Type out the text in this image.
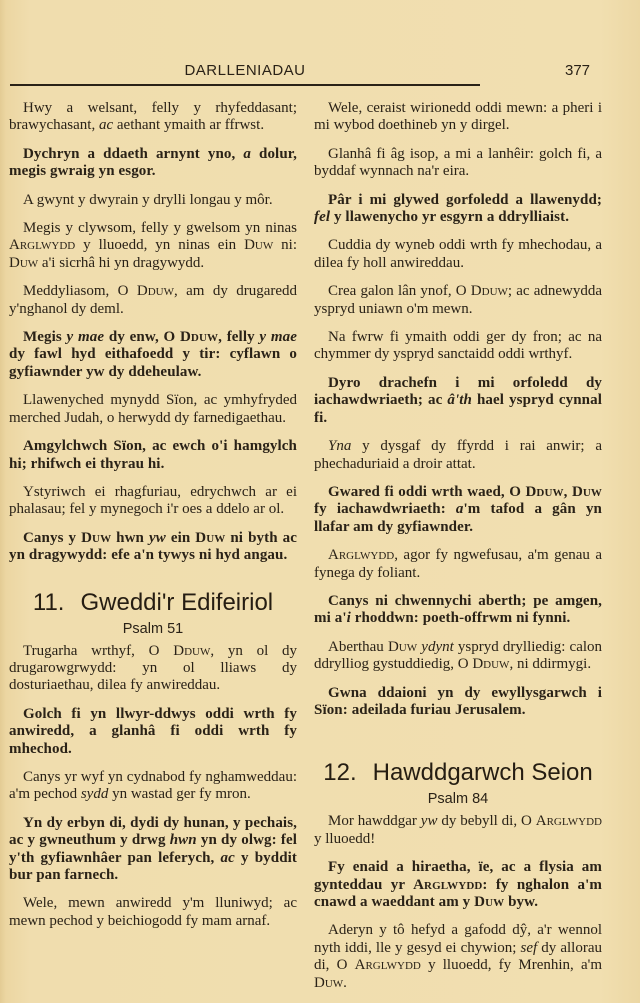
DARLLENIADAU	377

Hwy a welsant, felly y rhyfeddasant; brawychasant, ac aethant ymaith ar ffrwst.

Dychryn a ddaeth arnynt yno, a dolur, megis gwraig yn esgor.

A gwynt y dwyrain y drylli longau y môr.

Megis y clywsom, felly y gwelsom yn ninas Arglwydd y lluoedd, yn ninas ein Duw ni: Duw a'i sicrhâ hi yn dragywydd.

Meddyliasom, O Dduw, am dy drugaredd y'nghanol dy deml.

Megis y mae dy enw, O Dduw, felly y mae dy fawl hyd eithafoedd y tir: cyflawn o gyfiawnder yw dy ddeheulaw.

Llawenyched mynydd Sïon, ac ymhyfryded merched Judah, o herwydd dy farnedigaethau.

Amgylchwch Sïon, ac ewch o'i hamgylch hi; rhifwch ei thyrau hi.

Ystyriwch ei rhagfuriau, edrychwch ar ei phalasau; fel y mynegoch i'r oes a ddelo ar ol.

Canys y Duw hwn yw ein Duw ni byth ac yn dragywydd: efe a'n tywys ni hyd angau.

11. Gweddi'r Edifeiriol
Psalm 51

Trugarha wrthyf, O Dduw, yn ol dy drugarowgrwydd: yn ol lliaws dy dosturiaethau, dilea fy anwireddau.

Golch fi yn llwyr-ddwys oddi wrth fy anwiredd, a glanhâ fi oddi wrth fy mhechod.

Canys yr wyf yn cydnabod fy nghamweddau: a'm pechod sydd yn wastad ger fy mron.

Yn dy erbyn di, dydi dy hunan, y pechais, ac y gwneuthum y drwg hwn yn dy olwg: fel y'th gyfiawnhâer pan leferych, ac y byddit bur pan farnech.

Wele, mewn anwiredd y'm lluniwyd; ac mewn pechod y beichiogodd fy mam arnaf.

Wele, ceraist wirionedd oddi mewn: a pheri i mi wybod doethineb yn y dirgel.

Glanhâ fi âg isop, a mi a lanhêir: golch fi, a byddaf wynnach na'r eira.

Pâr i mi glywed gorfoledd a llawenydd; fel y llawenycho yr esgyrn a ddrylliaist.

Cuddia dy wyneb oddi wrth fy mhechodau, a dilea fy holl anwireddau.

Crea galon lân ynof, O Dduw; ac adnewydda yspryd uniawn o'm mewn.

Na fwrw fi ymaith oddi ger dy fron; ac na chymmer dy yspryd sanctaidd oddi wrthyf.

Dyro drachefn i mi orfoledd dy iachawdwriaeth; ac â'th hael yspryd cynnal fi.

Yna y dysgaf dy ffyrdd i rai anwir; a phechaduriaid a droir attat.

Gwared fi oddi wrth waed, O Dduw, Duw fy iachawdwriaeth: a'm tafod a gân yn llafar am dy gyfiawnder.

Arglwydd, agor fy ngwefusau, a'm genau a fynega dy foliant.

Canys ni chwennychi aberth; pe amgen, mi a'i rhoddwn: poeth-offrwm ni fynni.

Aberthau Duw ydynt yspryd drylliedig: calon ddrylliog gystuddiedig, O Dduw, ni ddirmygi.

Gwna ddaioni yn dy ewyllysgarwch i Sïon: adeilada furiau Jerusalem.

12. Hawddgarwch Seion
Psalm 84

Mor hawddgar yw dy bebyll di, O Arglwydd y lluoedd!

Fy enaid a hiraetha, ïe, ac a flysia am gynteddau yr Arglwydd: fy nghalon a'm cnawd a waeddant am y Duw byw.

Aderyn y tô hefyd a gafodd dŷ, a'r wennol nyth iddi, lle y gesyd ei chywion; sef dy allorau di, O Arglwydd y lluoedd, fy Mrenhin, a'm Duw.
